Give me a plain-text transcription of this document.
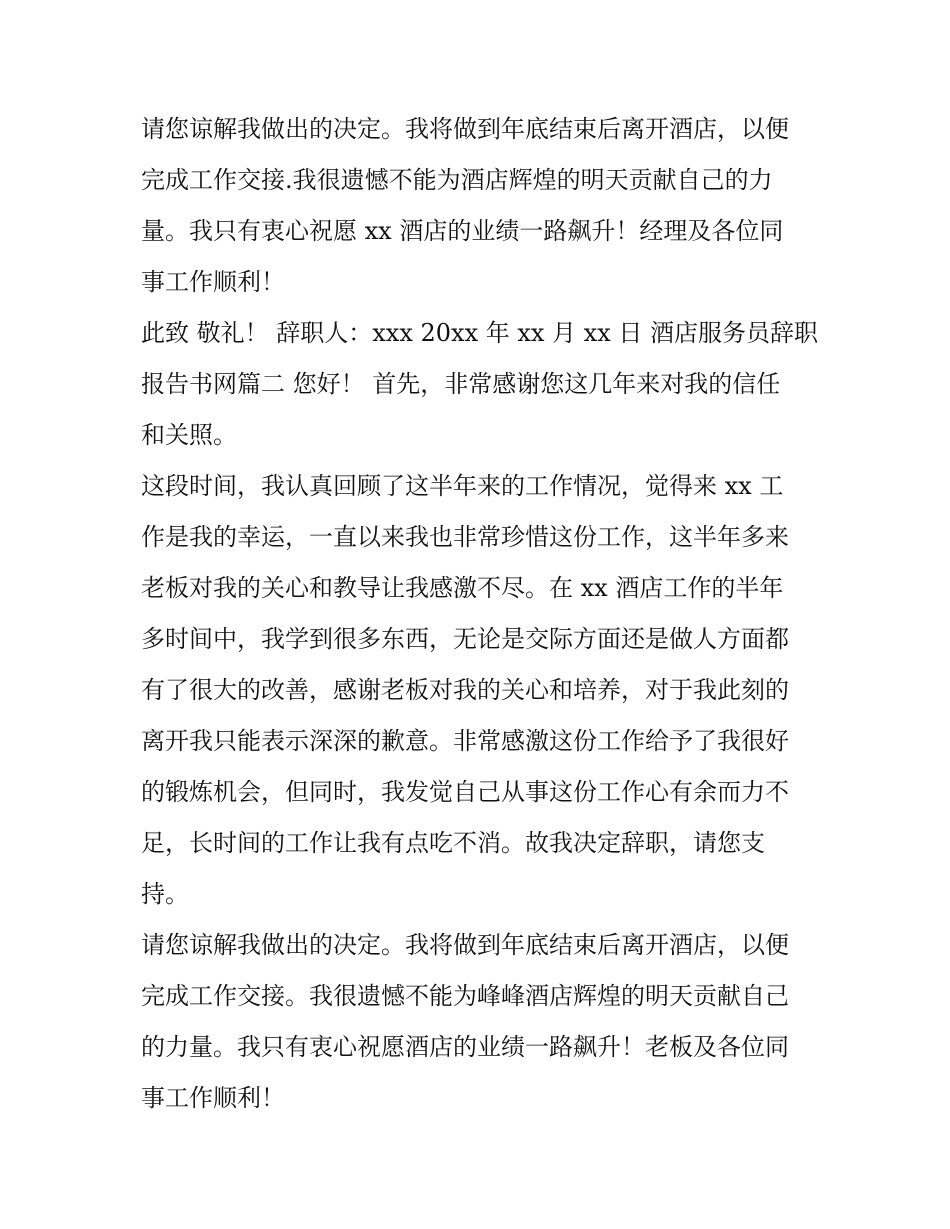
请您谅解我做出的决定。我将做到年底结束后离开酒店，以便
完成工作交接.我很遗憾不能为酒店辉煌的明天贡献自己的力
量。我只有衷心祝愿 xx 酒店的业绩一路飙升！经理及各位同
事工作顺利！
此致 敬礼！ 辞职人：xxx 20xx 年 xx 月 xx 日 酒店服务员辞职
报告书网篇二 您好！ 首先，非常感谢您这几年来对我的信任
和关照。
这段时间，我认真回顾了这半年来的工作情况，觉得来 xx 工
作是我的幸运，一直以来我也非常珍惜这份工作，这半年多来
老板对我的关心和教导让我感激不尽。在 xx 酒店工作的半年
多时间中，我学到很多东西，无论是交际方面还是做人方面都
有了很大的改善，感谢老板对我的关心和培养，对于我此刻的
离开我只能表示深深的歉意。非常感激这份工作给予了我很好
的锻炼机会，但同时，我发觉自己从事这份工作心有余而力不
足，长时间的工作让我有点吃不消。故我决定辞职，请您支
持。
请您谅解我做出的决定。我将做到年底结束后离开酒店，以便
完成工作交接。我很遗憾不能为峰峰酒店辉煌的明天贡献自己
的力量。我只有衷心祝愿酒店的业绩一路飙升！老板及各位同
事工作顺利！
